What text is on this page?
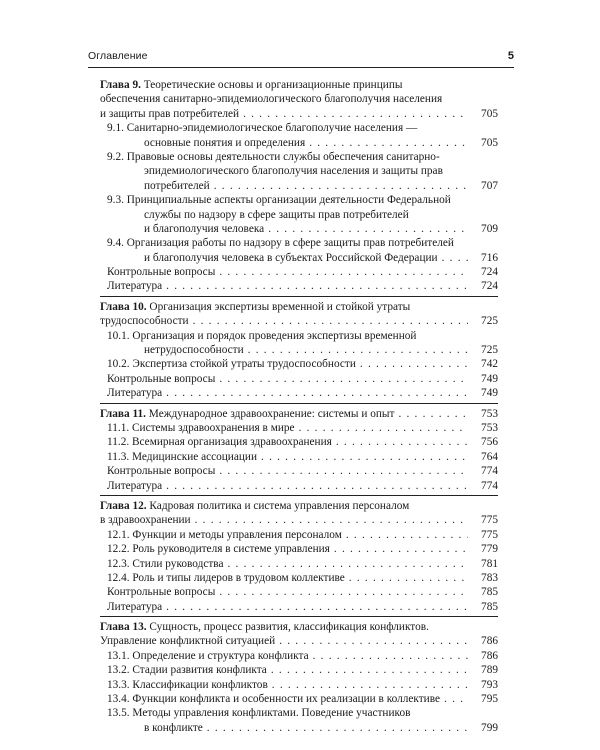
Оглавление	5
Глава 9. Теоретические основы и организационные принципы
обеспечения санитарно-эпидемиологического благополучия населения
и защиты прав потребителей . . .	705
9.1. Санитарно-эпидемиологическое благополучие населения —
основные понятия и определения . . .	705
9.2. Правовые основы деятельности службы обеспечения санитарно-
эпидемиологического благополучия населения и защиты прав
потребителей . . .	707
9.3. Принципиальные аспекты организации деятельности Федеральной
службы по надзору в сфере защиты прав потребителей
и благополучия человека . . .	709
9.4. Организация работы по надзору в сфере защиты прав потребителей
и благополучия человека в субъектах Российской Федерации . . .	716
Контрольные вопросы . . .	724
Литература . . .	724
Глава 10. Организация экспертизы временной и стойкой утраты
трудоспособности . . .	725
10.1. Организация и порядок проведения экспертизы временной
нетрудоспособности . . .	725
10.2. Экспертиза стойкой утраты трудоспособности . . .	742
Контрольные вопросы . . .	749
Литература . . .	749
Глава 11. Международное здравоохранение: системы и опыт . . .	753
11.1. Системы здравоохранения в мире . . .	753
11.2. Всемирная организация здравоохранения . . .	756
11.3. Медицинские ассоциации . . .	764
Контрольные вопросы . . .	774
Литература . . .	774
Глава 12. Кадровая политика и система управления персоналом
в здравоохранении . . .	775
12.1. Функции и методы управления персоналом . . .	775
12.2. Роль руководителя в системе управления . . .	779
12.3. Стили руководства . . .	781
12.4. Роль и типы лидеров в трудовом коллективе . . .	783
Контрольные вопросы . . .	785
Литература . . .	785
Глава 13. Сущность, процесс развития, классификация конфликтов.
Управление конфликтной ситуацией . . .	786
13.1. Определение и структура конфликта . . .	786
13.2. Стадии развития конфликта . . .	789
13.3. Классификации конфликтов . . .	793
13.4. Функции конфликта и особенности их реализации в коллективе . . .	795
13.5. Методы управления конфликтами. Поведение участников
в конфликте . . .	799
